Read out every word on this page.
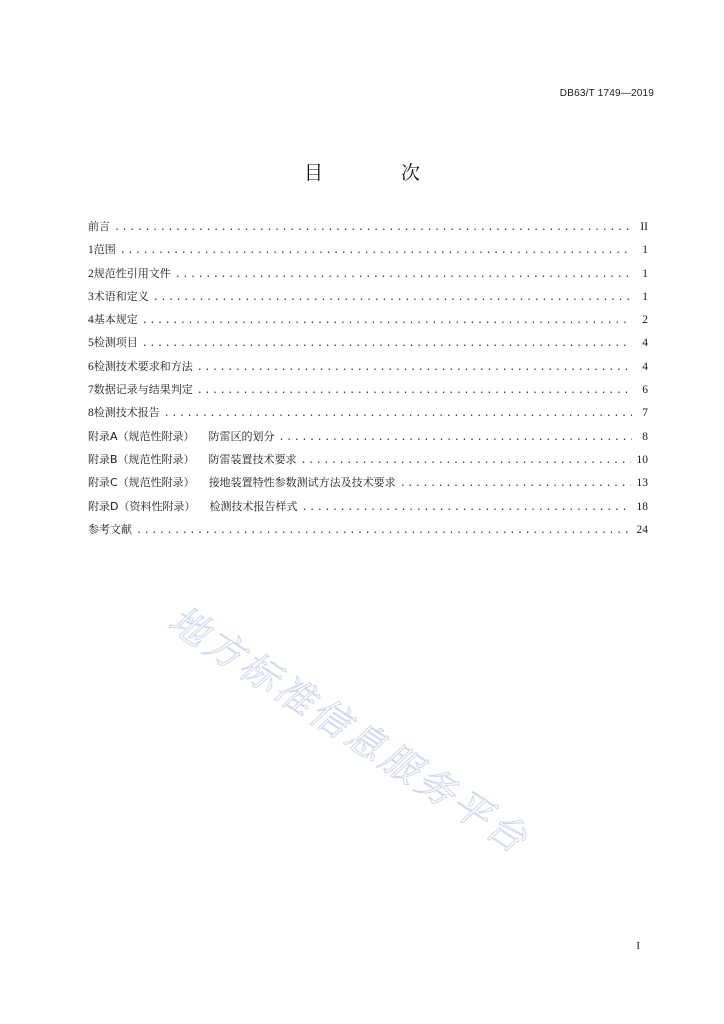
DB63/T 1749—2019
目 次
前言 .....	II
1 范围 .....	1
2 规范性引用文件 .....	1
3 术语和定义 .....	1
4 基本规定 .....	2
5 检测项目 .....	4
6 检测技术要求和方法 .....	4
7 数据记录与结果判定 .....	6
8 检测技术报告 .....	7
附录A（规范性附录） 防雷区的划分 .....	8
附录B（规范性附录） 防雷装置技术要求 .....	10
附录C（规范性附录） 接地装置特性参数测试方法及技术要求 .....	13
附录D（资料性附录） 检测技术报告样式 .....	18
参考文献 .....	24
地方标准信息服务平台
I
